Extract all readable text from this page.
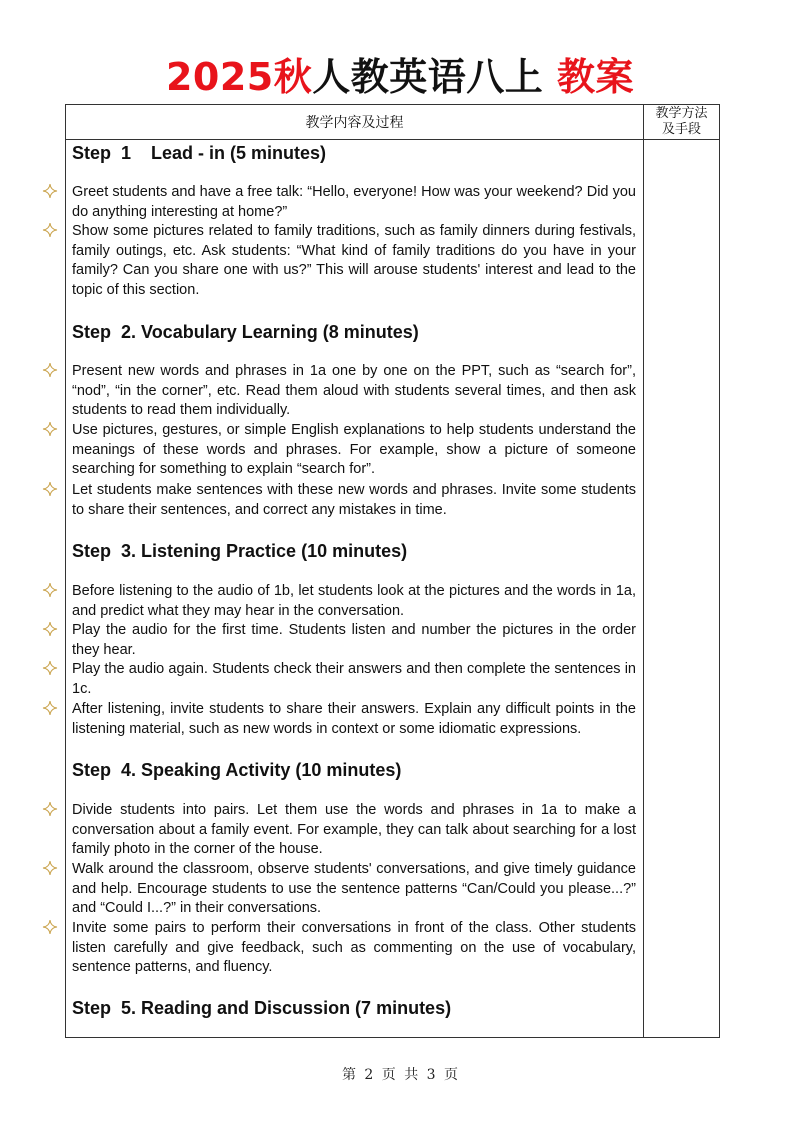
2025秋人教英语八上 教案
教学内容及过程
教学方法
及手段
Step  1    Lead - in (5 minutes)
Greet students and have a free talk: “Hello, everyone! How was your weekend? Did you do anything interesting at home?”
Show some pictures related to family traditions, such as family dinners during festivals, family outings, etc. Ask students: “What kind of family traditions do you have in your family? Can you share one with us?” This will arouse students' interest and lead to the topic of this section.
Step  2. Vocabulary Learning (8 minutes)
Present new words and phrases in 1a one by one on the PPT, such as “search for”, “nod”, “in the corner”, etc. Read them aloud with students several times, and then ask students to read them individually.
Use pictures, gestures, or simple English explanations to help students understand the meanings of these words and phrases. For example, show a picture of someone searching for something to explain “search for”.
Let students make sentences with these new words and phrases. Invite some students to share their sentences, and correct any mistakes in time.
Step  3. Listening Practice (10 minutes)
Before listening to the audio of 1b, let students look at the pictures and the words in 1a, and predict what they may hear in the conversation.
Play the audio for the first time. Students listen and number the pictures in the order they hear.
Play the audio again. Students check their answers and then complete the sentences in 1c.
After listening, invite students to share their answers. Explain any difficult points in the listening material, such as new words in context or some idiomatic expressions.
Step  4. Speaking Activity (10 minutes)
Divide students into pairs. Let them use the words and phrases in 1a to make a conversation about a family event. For example, they can talk about searching for a lost family photo in the corner of the house.
Walk around the classroom, observe students' conversations, and give timely guidance and help. Encourage students to use the sentence patterns “Can/Could you please...?” and “Could I...?” in their conversations.
Invite some pairs to perform their conversations in front of the class. Other students listen carefully and give feedback, such as commenting on the use of vocabulary, sentence patterns, and fluency.
Step  5. Reading and Discussion (7 minutes)
第 2 页 共 3 页
